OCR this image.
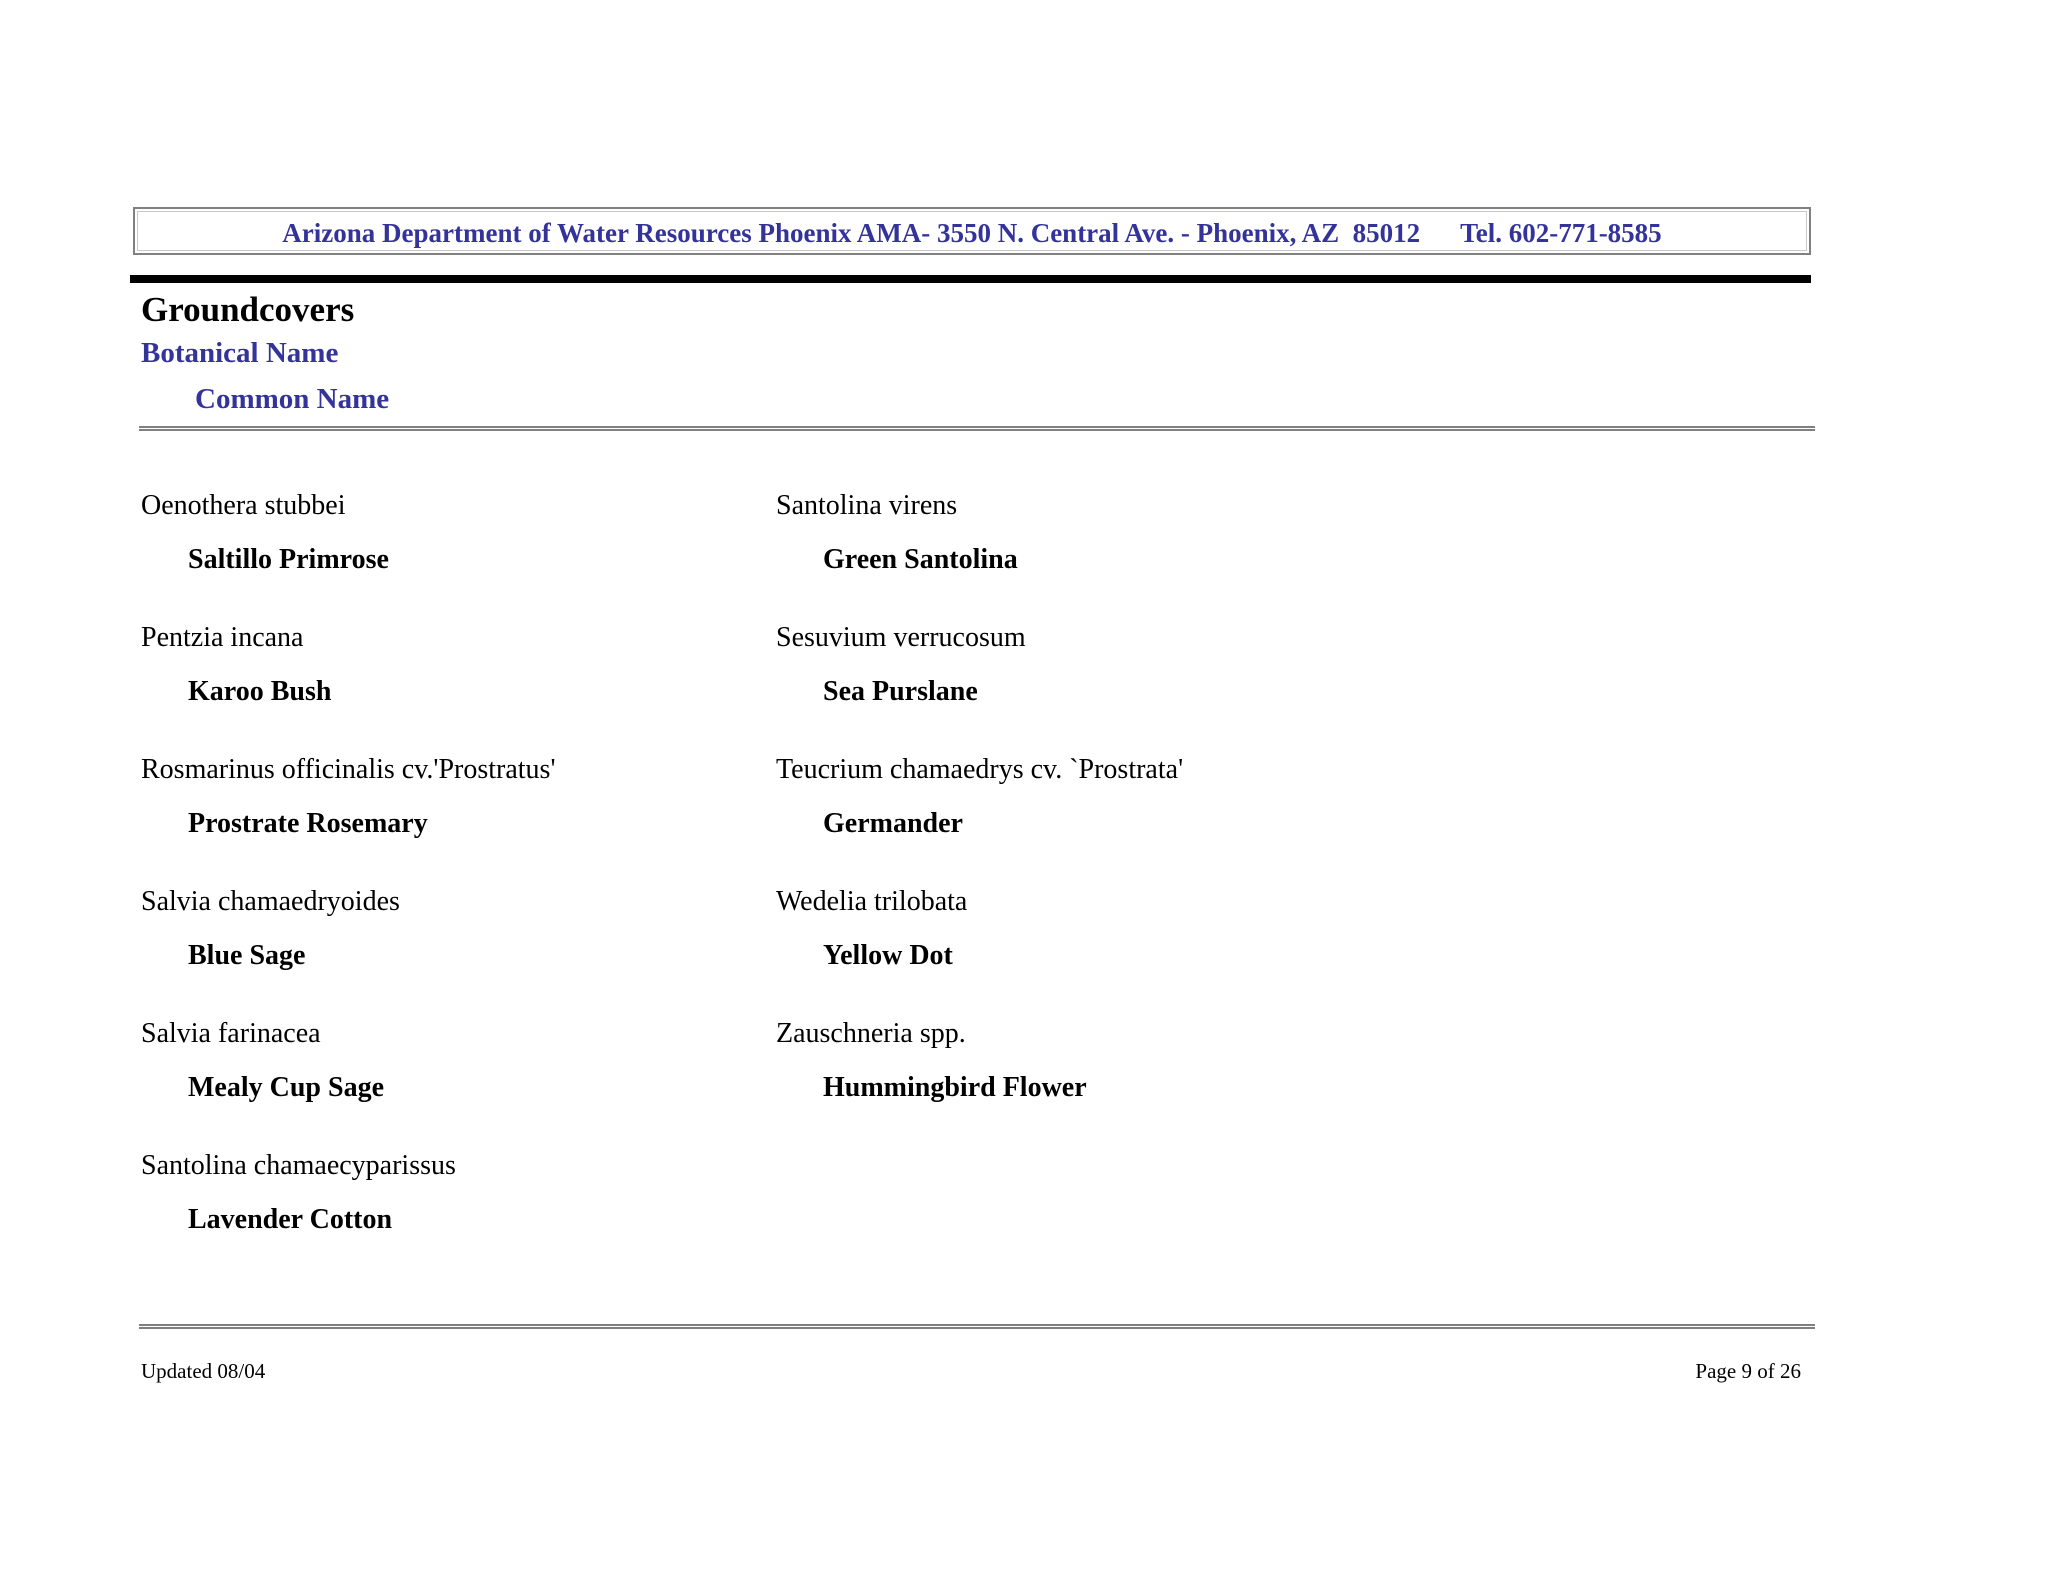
Arizona Department of Water Resources Phoenix AMA- 3550 N. Central Ave. - Phoenix, AZ  85012      Tel. 602-771-8585
Groundcovers
Botanical Name
Common Name
Oenothera stubbei
Saltillo Primrose
Pentzia incana
Karoo Bush
Rosmarinus officinalis cv.'Prostratus'
Prostrate Rosemary
Salvia chamaedryoides
Blue Sage
Salvia farinacea
Mealy Cup Sage
Santolina chamaecyparissus
Lavender Cotton
Santolina virens
Green Santolina
Sesuvium verrucosum
Sea Purslane
Teucrium chamaedrys cv. `Prostrata'
Germander
Wedelia trilobata
Yellow Dot
Zauschneria spp.
Hummingbird Flower
Updated 08/04	Page 9 of 26
